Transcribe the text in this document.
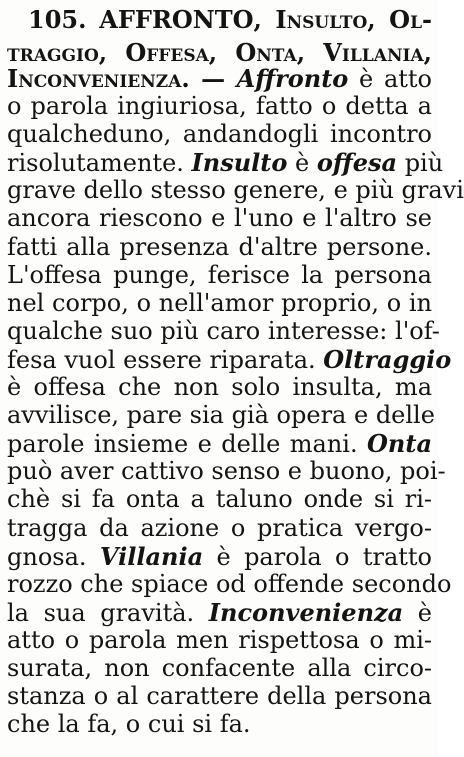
105. AFFRONTO, Insulto, Ol-
traggio, Offesa, Onta, Villania,
Inconvenienza. — Affronto è atto
o parola ingiuriosa, fatto o detta a
qualcheduno, andandogli incontro
risolutamente. Insulto è offesa più
grave dello stesso genere, e più gravi
ancora riescono e l'uno e l'altro se
fatti alla presenza d'altre persone.
L'offesa punge, ferisce la persona
nel corpo, o nell'amor proprio, o in
qualche suo più caro interesse: l'of-
fesa vuol essere riparata. Oltraggio
è offesa che non solo insulta, ma
avvilisce, pare sia già opera e delle
parole insieme e delle mani. Onta
può aver cattivo senso e buono, poi-
chè si fa onta a taluno onde si ri-
tragga da azione o pratica vergo-
gnosa. Villania è parola o tratto
rozzo che spiace od offende secondo
la sua gravità. Inconvenienza è
atto o parola men rispettosa o mi-
surata, non confacente alla circo-
stanza o al carattere della persona
che la fa, o cui si fa.
